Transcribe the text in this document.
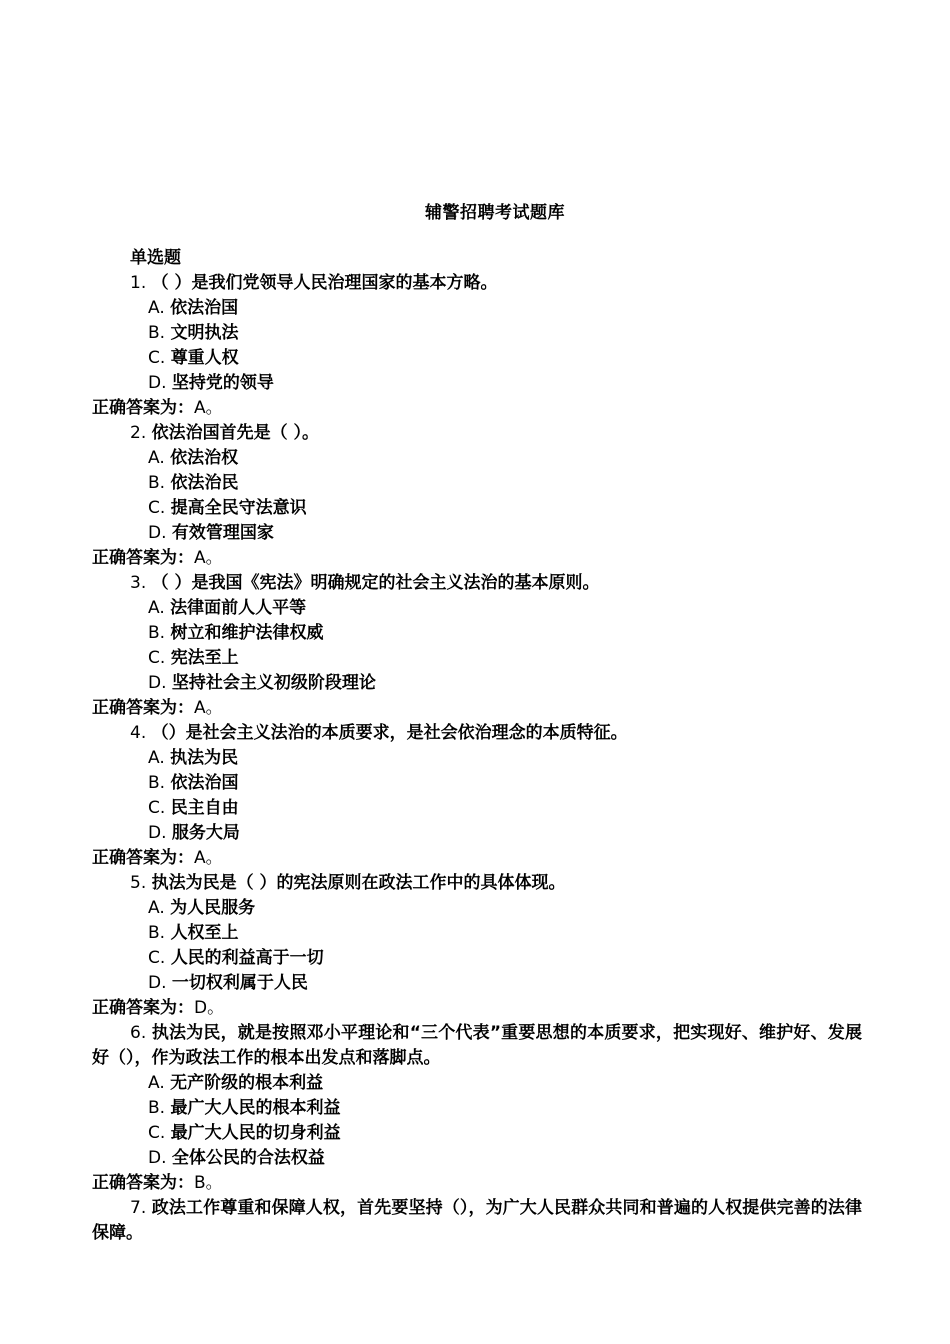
辅警招聘考试题库
单选题
1. （ ）是我们党领导人民治理国家的基本方略。
A. 依法治国
B. 文明执法
C. 尊重人权
D. 坚持党的领导
正确答案为：A。
2. 依法治国首先是（ ）。
A. 依法治权
B. 依法治民
C. 提高全民守法意识
D. 有效管理国家
正确答案为：A。
3. （ ）是我国《宪法》明确规定的社会主义法治的基本原则。
A. 法律面前人人平等
B. 树立和维护法律权威
C. 宪法至上
D. 坚持社会主义初级阶段理论
正确答案为：A。
4. （）是社会主义法治的本质要求，是社会依治理念的本质特征。
A. 执法为民
B. 依法治国
C. 民主自由
D. 服务大局
正确答案为：A。
5. 执法为民是（ ）的宪法原则在政法工作中的具体体现。
A. 为人民服务
B. 人权至上
C. 人民的利益高于一切
D. 一切权利属于人民
正确答案为：D。
6. 执法为民，就是按照邓小平理论和“三个代表”重要思想的本质要求，把实现好、维护好、发展好（），作为政法工作的根本出发点和落脚点。
A. 无产阶级的根本利益
B. 最广大人民的根本利益
C. 最广大人民的切身利益
D. 全体公民的合法权益
正确答案为：B。
7. 政法工作尊重和保障人权，首先要坚持（），为广大人民群众共同和普遍的人权提供完善的法律保障。
